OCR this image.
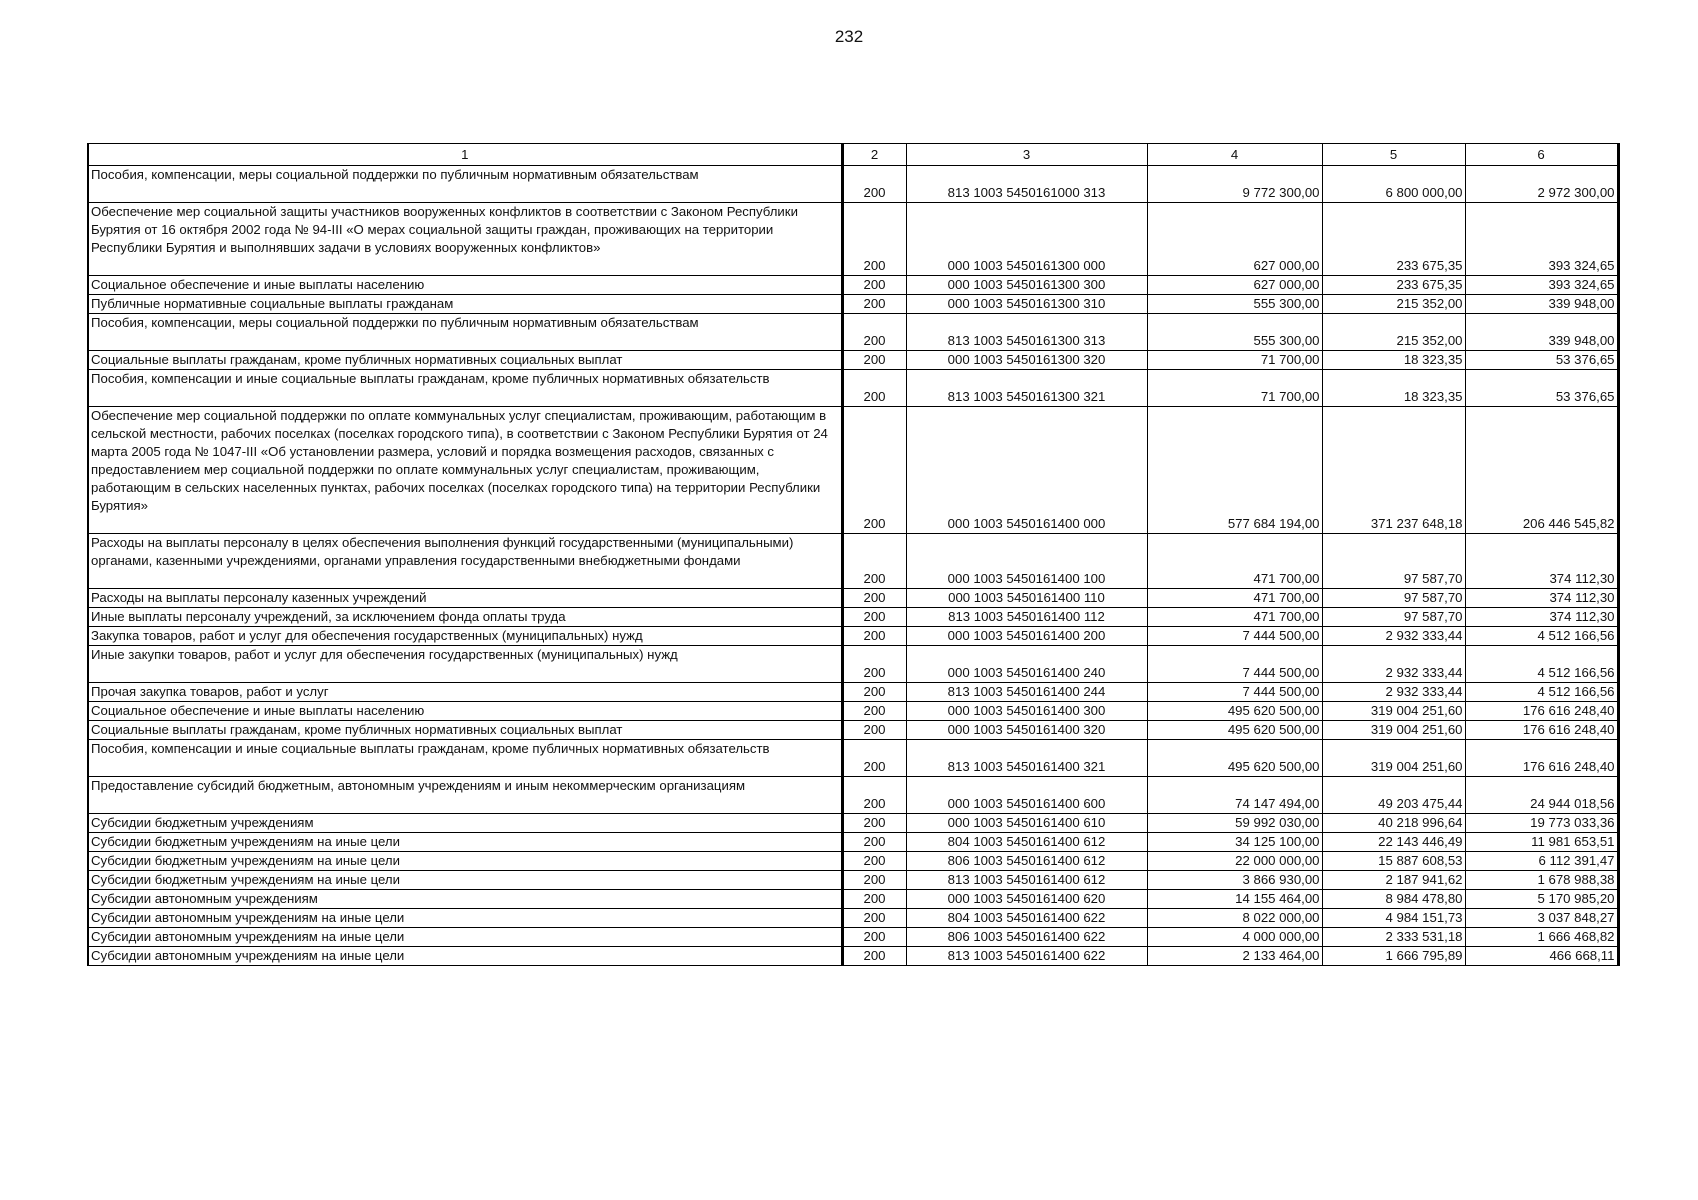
232
1	2	3	4	5	6
Пособия, компенсации, меры социальной поддержки по публичным нормативным обязательствам	200	813 1003 5450161000 313	9 772 300,00	6 800 000,00	2 972 300,00
Обеспечение мер социальной защиты участников вооруженных конфликтов в соответствии с Законом Республики Бурятия от 16 октября 2002 года № 94-III «О мерах социальной защиты граждан, проживающих на территории Республики Бурятия и выполнявших задачи в условиях вооруженных конфликтов»	200	000 1003 5450161300 000	627 000,00	233 675,35	393 324,65
Социальное обеспечение и иные выплаты населению	200	000 1003 5450161300 300	627 000,00	233 675,35	393 324,65
Публичные нормативные социальные выплаты гражданам	200	000 1003 5450161300 310	555 300,00	215 352,00	339 948,00
Пособия, компенсации, меры социальной поддержки по публичным нормативным обязательствам	200	813 1003 5450161300 313	555 300,00	215 352,00	339 948,00
Социальные выплаты гражданам, кроме публичных нормативных социальных выплат	200	000 1003 5450161300 320	71 700,00	18 323,35	53 376,65
Пособия, компенсации и иные социальные выплаты гражданам, кроме публичных нормативных обязательств	200	813 1003 5450161300 321	71 700,00	18 323,35	53 376,65
Обеспечение мер социальной поддержки по оплате коммунальных услуг специалистам, проживающим, работающим в сельской местности, рабочих поселках (поселках городского типа), в соответствии с Законом Республики Бурятия от 24 марта 2005 года № 1047-III «Об установлении размера, условий и порядка возмещения расходов, связанных с предоставлением мер социальной поддержки по оплате коммунальных услуг специалистам, проживающим, работающим в сельских населенных пунктах, рабочих поселках (поселках городского типа) на территории Республики Бурятия»	200	000 1003 5450161400 000	577 684 194,00	371 237 648,18	206 446 545,82
Расходы на выплаты персоналу в целях обеспечения выполнения функций государственными (муниципальными) органами, казенными учреждениями, органами управления государственными внебюджетными фондами	200	000 1003 5450161400 100	471 700,00	97 587,70	374 112,30
Расходы на выплаты персоналу казенных учреждений	200	000 1003 5450161400 110	471 700,00	97 587,70	374 112,30
Иные выплаты персоналу учреждений, за исключением фонда оплаты труда	200	813 1003 5450161400 112	471 700,00	97 587,70	374 112,30
Закупка товаров, работ и услуг для обеспечения государственных (муниципальных) нужд	200	000 1003 5450161400 200	7 444 500,00	2 932 333,44	4 512 166,56
Иные закупки товаров, работ и услуг для обеспечения государственных (муниципальных) нужд	200	000 1003 5450161400 240	7 444 500,00	2 932 333,44	4 512 166,56
Прочая закупка товаров, работ и услуг	200	813 1003 5450161400 244	7 444 500,00	2 932 333,44	4 512 166,56
Социальное обеспечение и иные выплаты населению	200	000 1003 5450161400 300	495 620 500,00	319 004 251,60	176 616 248,40
Социальные выплаты гражданам, кроме публичных нормативных социальных выплат	200	000 1003 5450161400 320	495 620 500,00	319 004 251,60	176 616 248,40
Пособия, компенсации и иные социальные выплаты гражданам, кроме публичных нормативных обязательств	200	813 1003 5450161400 321	495 620 500,00	319 004 251,60	176 616 248,40
Предоставление субсидий бюджетным, автономным учреждениям и иным некоммерческим организациям	200	000 1003 5450161400 600	74 147 494,00	49 203 475,44	24 944 018,56
Субсидии бюджетным учреждениям	200	000 1003 5450161400 610	59 992 030,00	40 218 996,64	19 773 033,36
Субсидии бюджетным учреждениям на иные цели	200	804 1003 5450161400 612	34 125 100,00	22 143 446,49	11 981 653,51
Субсидии бюджетным учреждениям на иные цели	200	806 1003 5450161400 612	22 000 000,00	15 887 608,53	6 112 391,47
Субсидии бюджетным учреждениям на иные цели	200	813 1003 5450161400 612	3 866 930,00	2 187 941,62	1 678 988,38
Субсидии автономным учреждениям	200	000 1003 5450161400 620	14 155 464,00	8 984 478,80	5 170 985,20
Субсидии автономным учреждениям на иные цели	200	804 1003 5450161400 622	8 022 000,00	4 984 151,73	3 037 848,27
Субсидии автономным учреждениям на иные цели	200	806 1003 5450161400 622	4 000 000,00	2 333 531,18	1 666 468,82
Субсидии автономным учреждениям на иные цели	200	813 1003 5450161400 622	2 133 464,00	1 666 795,89	466 668,11
